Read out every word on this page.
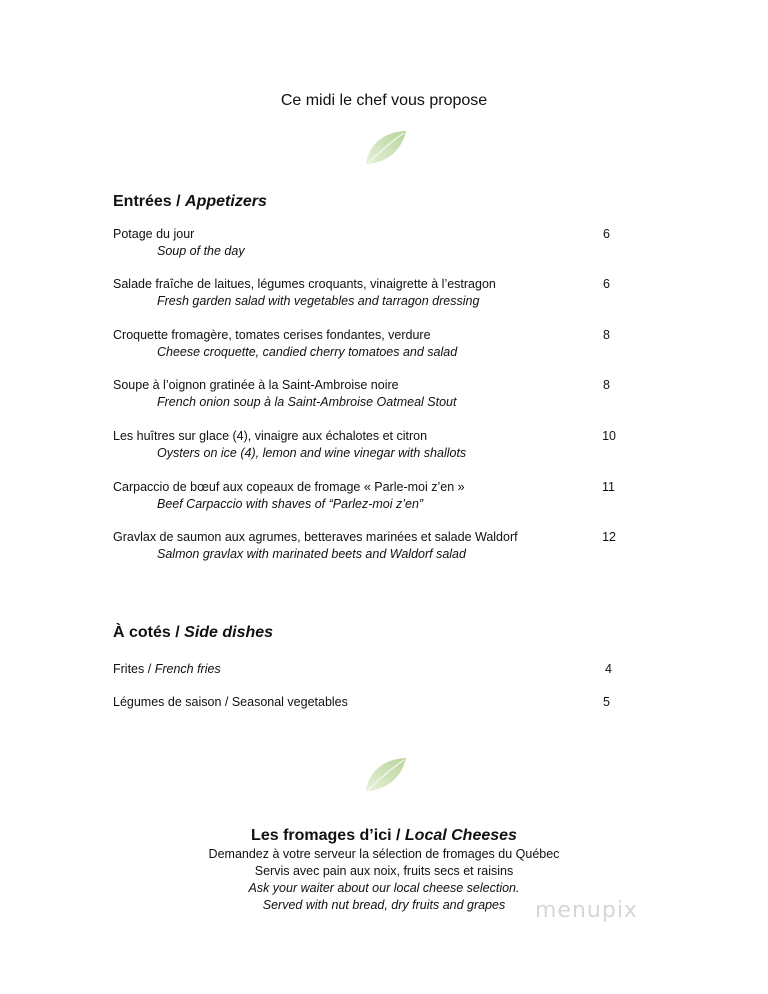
Ce midi le chef vous propose
Entrées / Appetizers
Potage du jour
Soup of the day
6
Salade fraîche de laitues, légumes croquants, vinaigrette à l’estragon
Fresh garden salad with vegetables and tarragon dressing
6
Croquette fromagère, tomates cerises fondantes, verdure
Cheese croquette, candied cherry tomatoes and salad
8
Soupe à l’oignon gratinée à la Saint-Ambroise noire
French onion soup à la Saint-Ambroise Oatmeal Stout
8
Les huîtres sur glace (4), vinaigre aux échalotes et citron
Oysters on ice (4), lemon and wine vinegar with shallots
10
Carpaccio de bœuf aux copeaux de fromage « Parle-moi z’en »
Beef Carpaccio with shaves of “Parlez-moi z’en”
11
Gravlax de saumon aux agrumes, betteraves marinées et salade Waldorf
Salmon gravlax with marinated beets and Waldorf salad
12
À cotés / Side dishes
Frites / French fries	4
Légumes de saison / Seasonal vegetables	5
Les fromages d’ici / Local Cheeses
Demandez à votre serveur la sélection de fromages du Québec
Servis avec pain aux noix, fruits secs et raisins
Ask your waiter about our local cheese selection.
Served with nut bread, dry fruits and grapes	menupix
